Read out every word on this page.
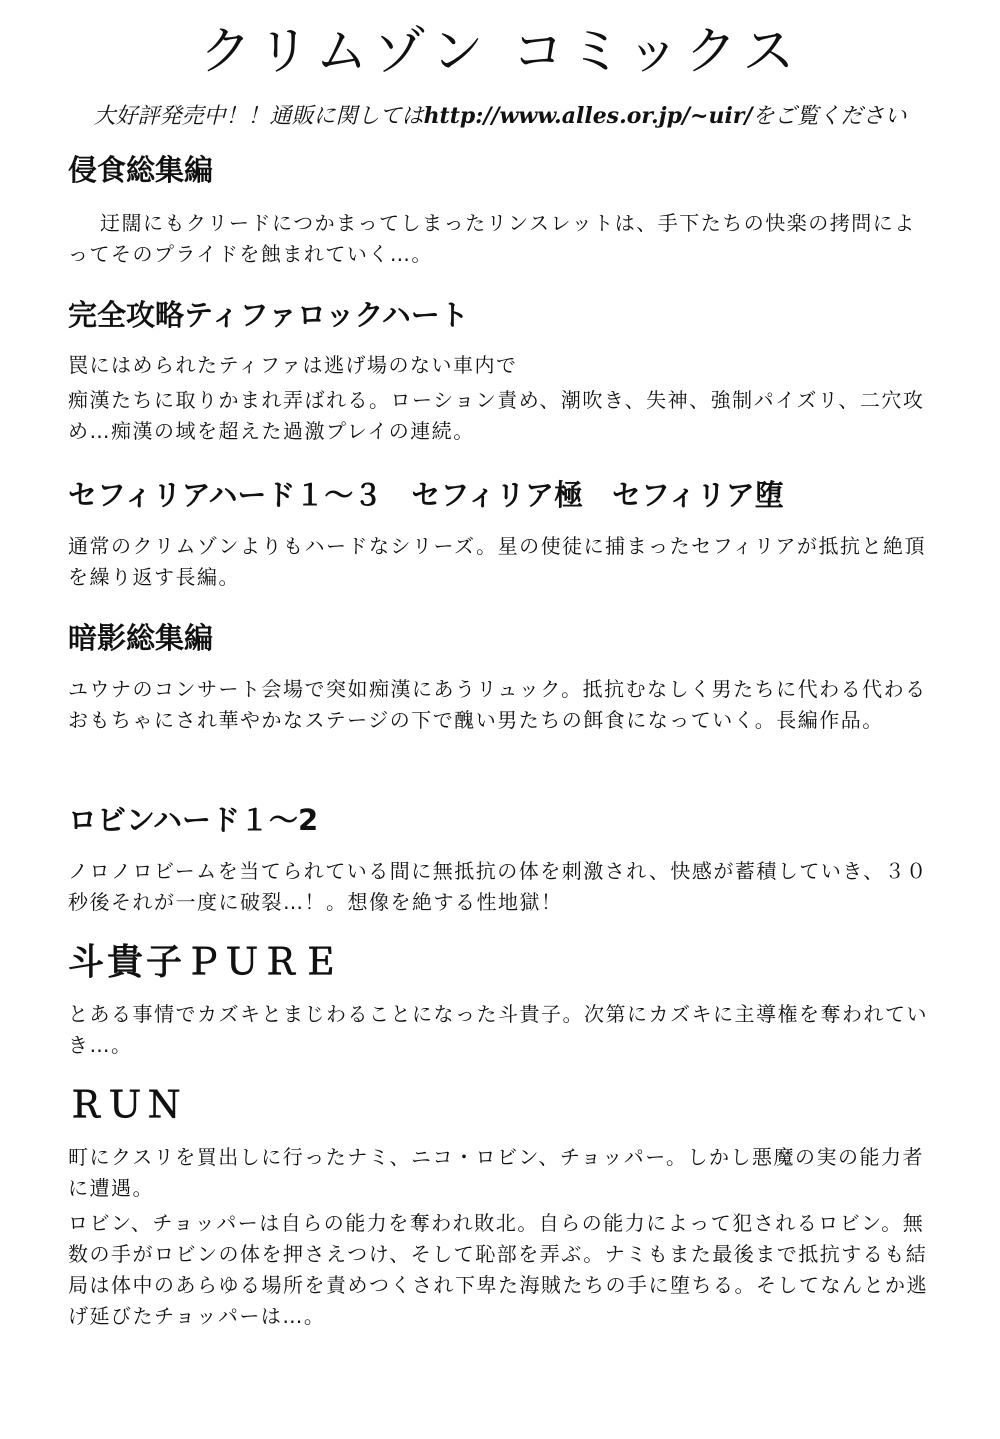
クリムゾン コミックス
大好評発売中！！通販に関してはhttp://www.alles.or.jp/~uir/をご覧ください
侵食総集編

迂闊にもクリードにつかまってしまったリンスレットは、手下たちの快楽の拷問によってそのプライドを蝕まれていく…。

完全攻略ティファロックハート

罠にはめられたティファは逃げ場のない車内で

痴漢たちに取りかまれ弄ばれる。ローション責め、潮吹き、失神、強制パイズリ、二穴攻め…痴漢の域を超えた過激プレイの連続。

セフィリアハード１～３　セフィリア極　セフィリア堕

通常のクリムゾンよりもハードなシリーズ。星の使徒に捕まったセフィリアが抵抗と絶頂を繰り返す長編。

暗影総集編

ユウナのコンサート会場で突如痴漢にあうリュック。抵抗むなしく男たちに代わる代わるおもちゃにされ華やかなステージの下で醜い男たちの餌食になっていく。長編作品。

ロビンハード１～2

ノロノロビームを当てられている間に無抵抗の体を刺激され、快感が蓄積していき、３０秒後それが一度に破裂…！。想像を絶する性地獄！

斗貴子ＰＵＲＥ

とある事情でカズキとまじわることになった斗貴子。次第にカズキに主導権を奪われていき…。

ＲＵＮ

町にクスリを買出しに行ったナミ、ニコ・ロビン、チョッパー。しかし悪魔の実の能力者に遭遇。

ロビン、チョッパーは自らの能力を奪われ敗北。自らの能力によって犯されるロビン。無数の手がロビンの体を押さえつけ、そして恥部を弄ぶ。ナミもまた最後まで抵抗するも結局は体中のあらゆる場所を責めつくされ下卑た海賊たちの手に堕ちる。そしてなんとか逃げ延びたチョッパーは…。
